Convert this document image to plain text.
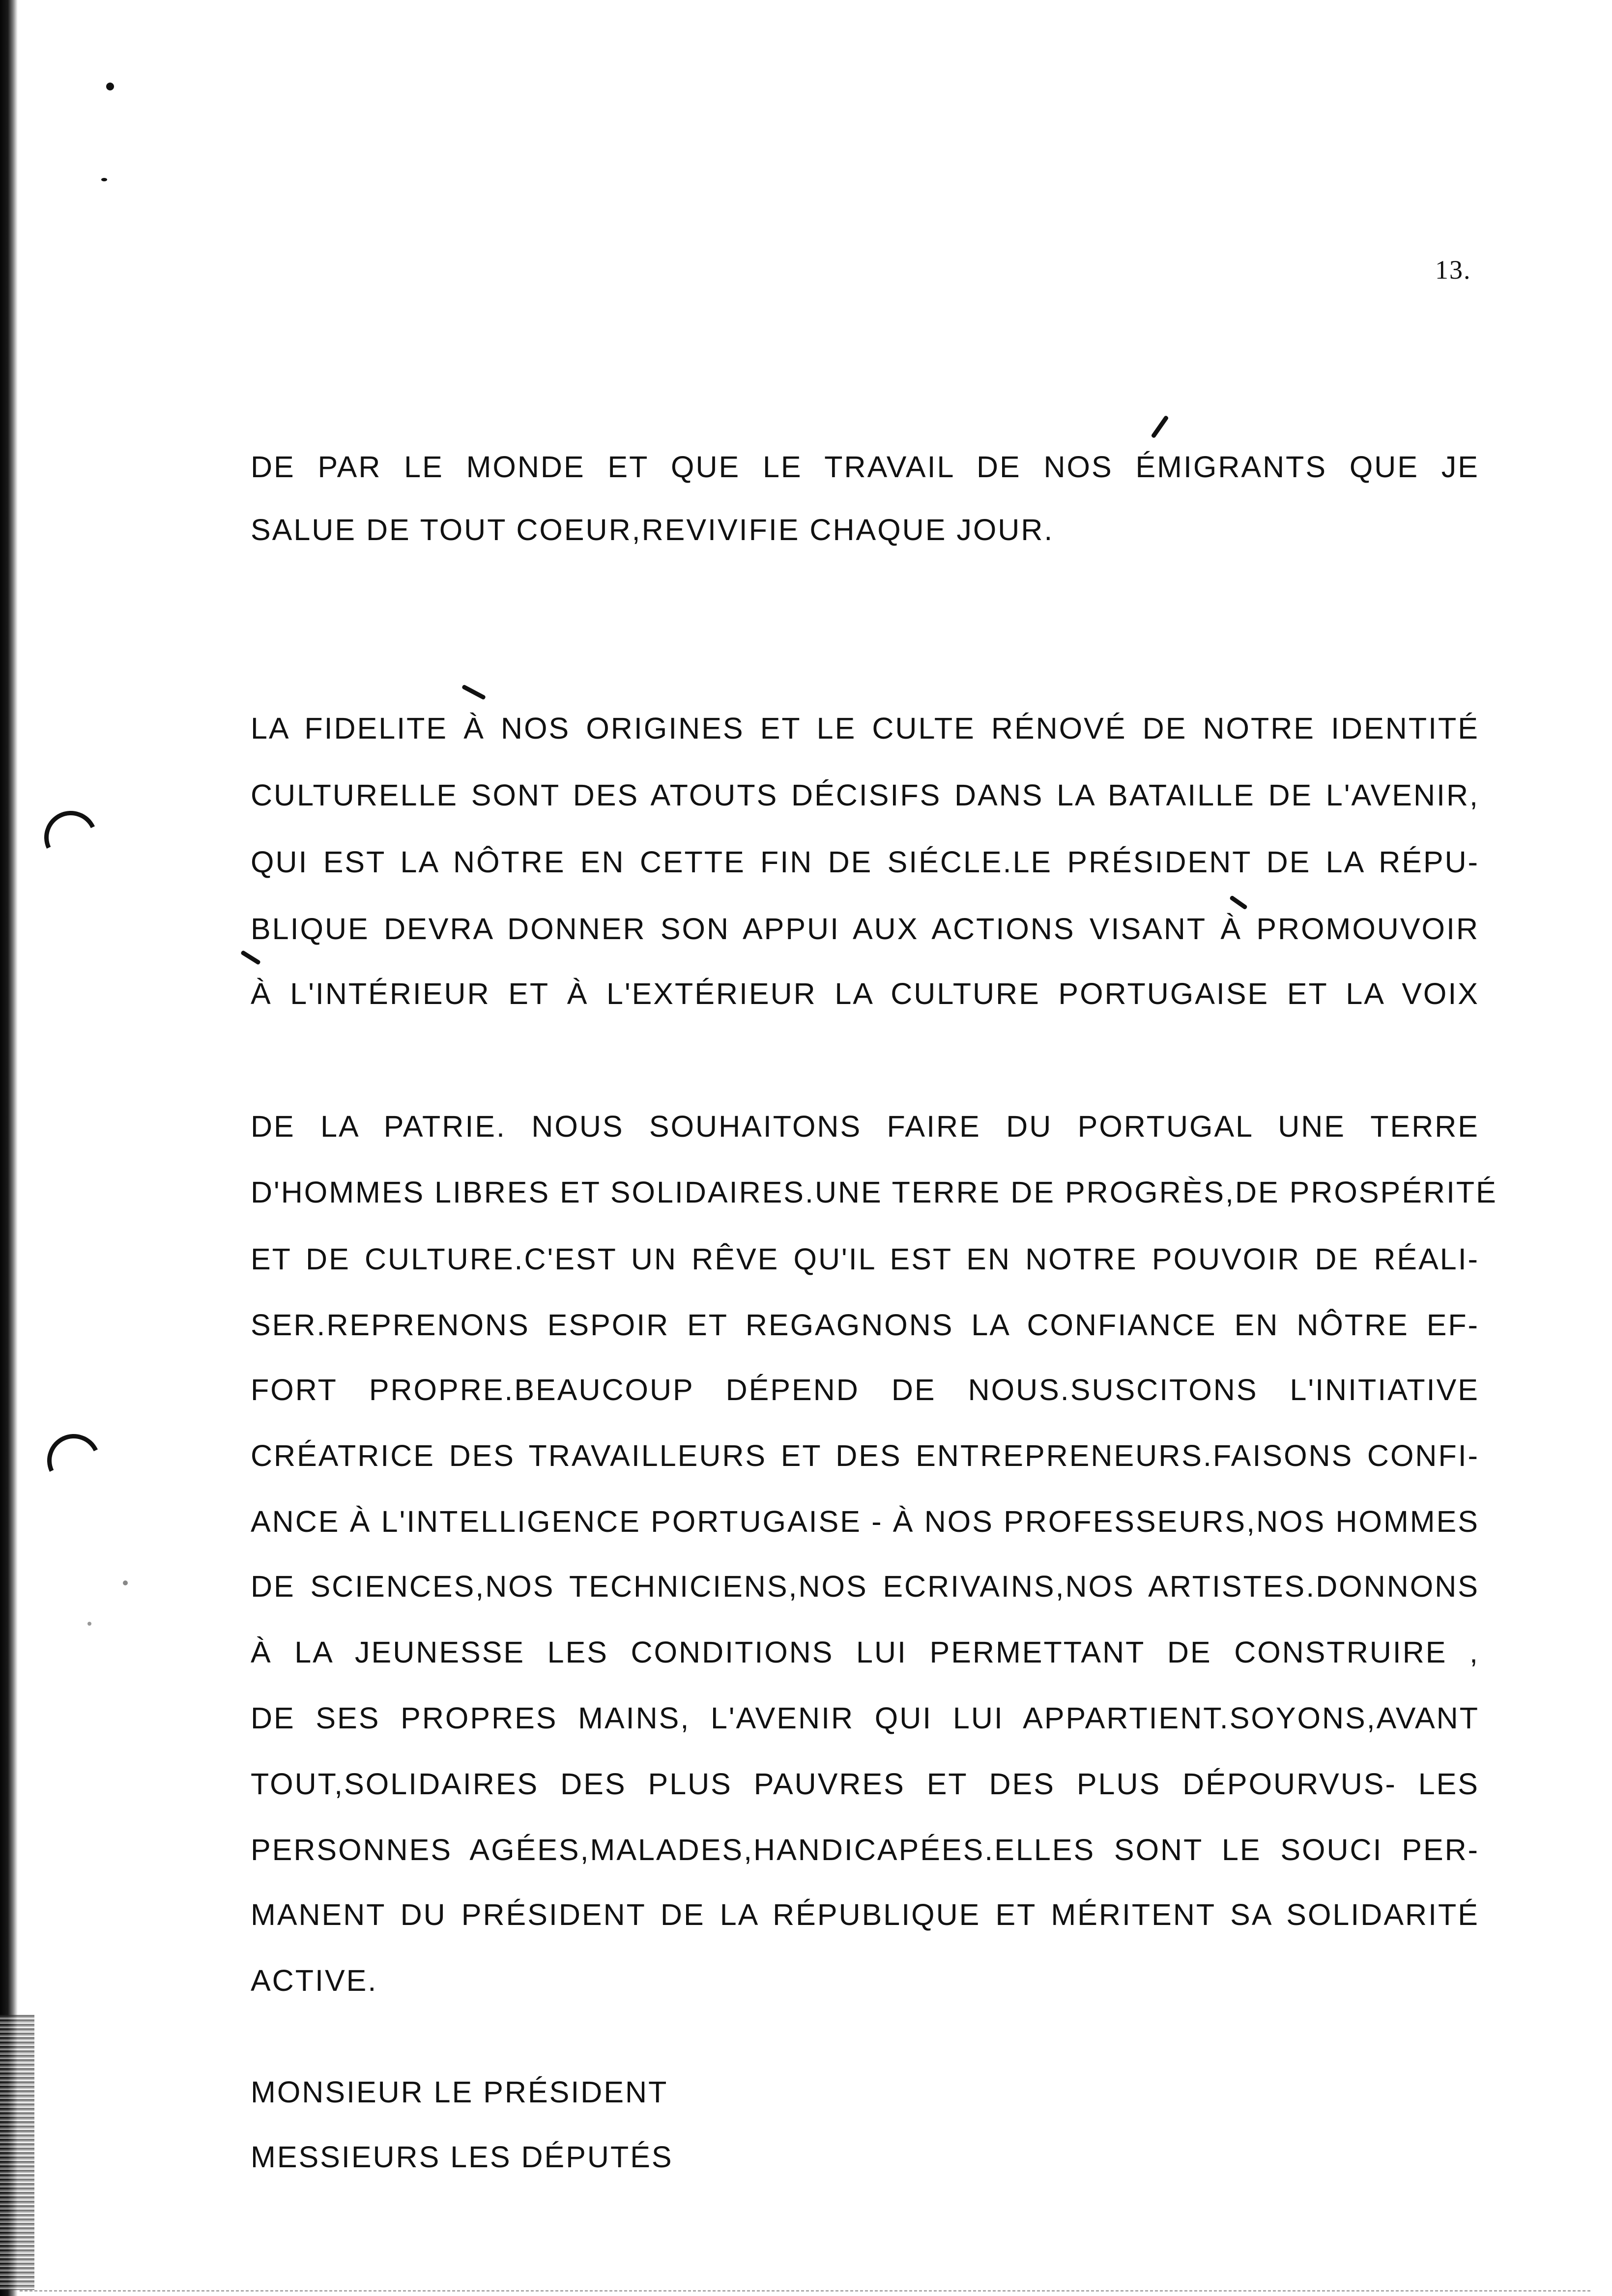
13.
DE PAR LE MONDE ET QUE LE TRAVAIL DE NOS ÉMIGRANTS QUE JE
SALUE DE TOUT COEUR,REVIVIFIE CHAQUE JOUR.
LA FIDELITE À NOS ORIGINES ET LE CULTE RÉNOVÉ DE NOTRE IDENTITÉ
CULTURELLE SONT DES ATOUTS DÉCISIFS DANS LA BATAILLE DE L'AVENIR,
QUI EST LA NÔTRE EN CETTE FIN DE SIÉCLE.LE PRÉSIDENT DE LA RÉPU-
BLIQUE DEVRA DONNER SON APPUI AUX ACTIONS VISANT À PROMOUVOIR
À L'INTÉRIEUR ET À L'EXTÉRIEUR LA CULTURE PORTUGAISE ET LA VOIX
DE LA PATRIE. NOUS SOUHAITONS FAIRE DU PORTUGAL UNE TERRE
D'HOMMES LIBRES ET SOLIDAIRES.UNE TERRE DE PROGRÈS,DE PROSPÉRITÉ
ET DE CULTURE.C'EST UN RÊVE QU'IL EST EN NOTRE POUVOIR DE RÉALI-
SER.REPRENONS ESPOIR ET REGAGNONS LA CONFIANCE EN NÔTRE EF-
FORT PROPRE.BEAUCOUP DÉPEND DE NOUS.SUSCITONS L'INITIATIVE
CRÉATRICE DES TRAVAILLEURS ET DES ENTREPRENEURS.FAISONS CONFI-
ANCE À L'INTELLIGENCE PORTUGAISE - À NOS PROFESSEURS,NOS HOMMES
DE SCIENCES,NOS TECHNICIENS,NOS ECRIVAINS,NOS ARTISTES.DONNONS
À LA JEUNESSE LES CONDITIONS LUI PERMETTANT DE CONSTRUIRE ,
DE SES PROPRES MAINS, L'AVENIR QUI LUI APPARTIENT.SOYONS,AVANT
TOUT,SOLIDAIRES DES PLUS PAUVRES ET DES PLUS DÉPOURVUS- LES
PERSONNES AGÉES,MALADES,HANDICAPÉES.ELLES SONT LE SOUCI PER-
MANENT DU PRÉSIDENT DE LA RÉPUBLIQUE ET MÉRITENT SA SOLIDARITÉ
ACTIVE.
MONSIEUR LE PRÉSIDENT
MESSIEURS LES DÉPUTÉS
